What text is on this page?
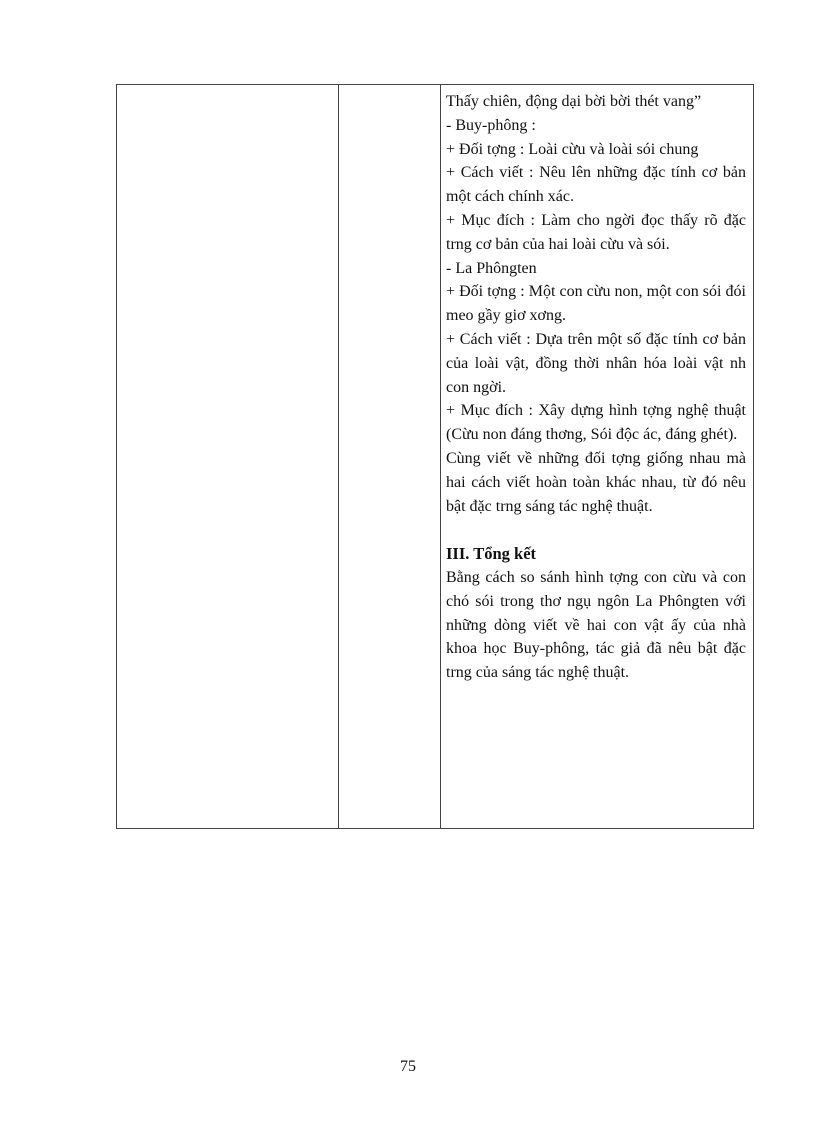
Thấy chiên, động dại bời bời thét vang”

- Buy-phông :

+ Đối tợng : Loài cừu và loài sói chung

+ Cách viết : Nêu lên những đặc tính cơ bản một cách chính xác.

+ Mục đích : Làm cho ngời đọc thấy rõ đặc trng cơ bản của hai loài cừu và sói.

- La Phôngten

+ Đối tợng : Một con cừu non, một con sói đói meo gầy giơ xơng.

+ Cách viết : Dựa trên một số đặc tính cơ bản của loài vật, đồng thời nhân hóa loài vật nh con ngời.

+ Mục đích : Xây dựng hình tợng nghệ thuật (Cừu non đáng thơng, Sói độc ác, đáng ghét).

Cùng viết về những đối tợng giống nhau mà hai cách viết hoàn toàn khác nhau, từ đó nêu bật đặc trng sáng tác nghệ thuật.

III. Tổng kết

Bằng cách so sánh hình tợng con cừu và con chó sói trong thơ ngụ ngôn La Phôngten với những dòng viết về hai con vật ấy của nhà khoa học Buy-phông, tác giả đã nêu bật đặc trng của sáng tác nghệ thuật.

75
